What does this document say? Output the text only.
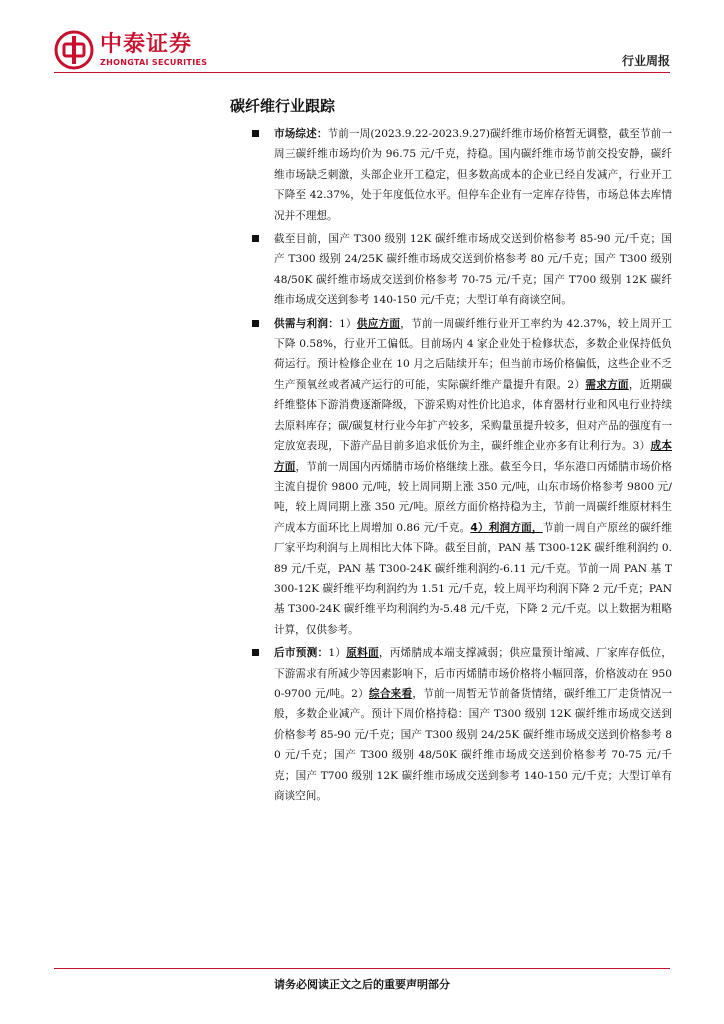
中泰证券
ZHONGTAI SECURITIES	行业周报
碳纤维行业跟踪
市场综述：节前一周(2023.9.22-2023.9.27)碳纤维市场价格暂无调整，截至节前一周三碳纤维市场均价为 96.75 元/千克，持稳。国内碳纤维市场节前交投安静，碳纤维市场缺乏刺激，头部企业开工稳定，但多数高成本的企业已经自发减产，行业开工下降至 42.37%，处于年度低位水平。但停车企业有一定库存待售，市场总体去库情况并不理想。
截至目前，国产 T300 级别 12K 碳纤维市场成交送到价格参考 85-90 元/千克；国产 T300 级别 24/25K 碳纤维市场成交送到价格参考 80 元/千克；国产 T300 级别 48/50K 碳纤维市场成交送到价格参考 70-75 元/千克；国产 T700 级别 12K 碳纤维市场成交送到参考 140-150 元/千克；大型订单有商谈空间。
供需与利润：1）供应方面，节前一周碳纤维行业开工率约为 42.37%，较上周开工下降 0.58%，行业开工偏低。目前场内 4 家企业处于检修状态，多数企业保持低负荷运行。预计检修企业在 10 月之后陆续开车；但当前市场价格偏低，这些企业不乏生产预氧丝或者减产运行的可能，实际碳纤维产量提升有限。2）需求方面，近期碳纤维整体下游消费逐渐降级，下游采购对性价比追求，体育器材行业和风电行业持续去原料库存；碳/碳复材行业今年扩产较多，采购量虽提升较多，但对产品的强度有一定放宽表现，下游产品目前多追求低价为主，碳纤维企业亦多有让利行为。3）成本方面，节前一周国内丙烯腈市场价格继续上涨。截至今日，华东港口丙烯腈市场价格主流自提价 9800 元/吨，较上周同期上涨 350 元/吨，山东市场价格参考 9800 元/吨，较上周同期上涨 350 元/吨。原丝方面价格持稳为主，节前一周碳纤维原材料生产成本方面环比上周增加 0.86 元/千克。4）利润方面，节前一周自产原丝的碳纤维厂家平均利润与上周相比大体下降。截至目前，PAN 基 T300-12K 碳纤维利润约 0.89 元/千克，PAN 基 T300-24K 碳纤维利润约-6.11 元/千克。节前一周 PAN 基 T300-12K 碳纤维平均利润约为 1.51 元/千克，较上周平均利润下降 2 元/千克；PAN 基 T300-24K 碳纤维平均利润约为-5.48 元/千克，下降 2 元/千克。以上数据为粗略计算，仅供参考。
后市预测：1）原料面，丙烯腈成本端支撑减弱；供应量预计缩减、厂家库存低位，下游需求有所减少等因素影响下，后市丙烯腈市场价格将小幅回落，价格波动在 9500-9700 元/吨。2）综合来看，节前一周暂无节前备货情绪，碳纤维工厂走货情况一般，多数企业减产。预计下周价格持稳：国产 T300 级别 12K 碳纤维市场成交送到价格参考 85-90 元/千克；国产 T300 级别 24/25K 碳纤维市场成交送到价格参考 80 元/千克；国产 T300 级别 48/50K 碳纤维市场成交送到价格参考 70-75 元/千克；国产 T700 级别 12K 碳纤维市场成交送到参考 140-150 元/千克；大型订单有商谈空间。
请务必阅读正文之后的重要声明部分
